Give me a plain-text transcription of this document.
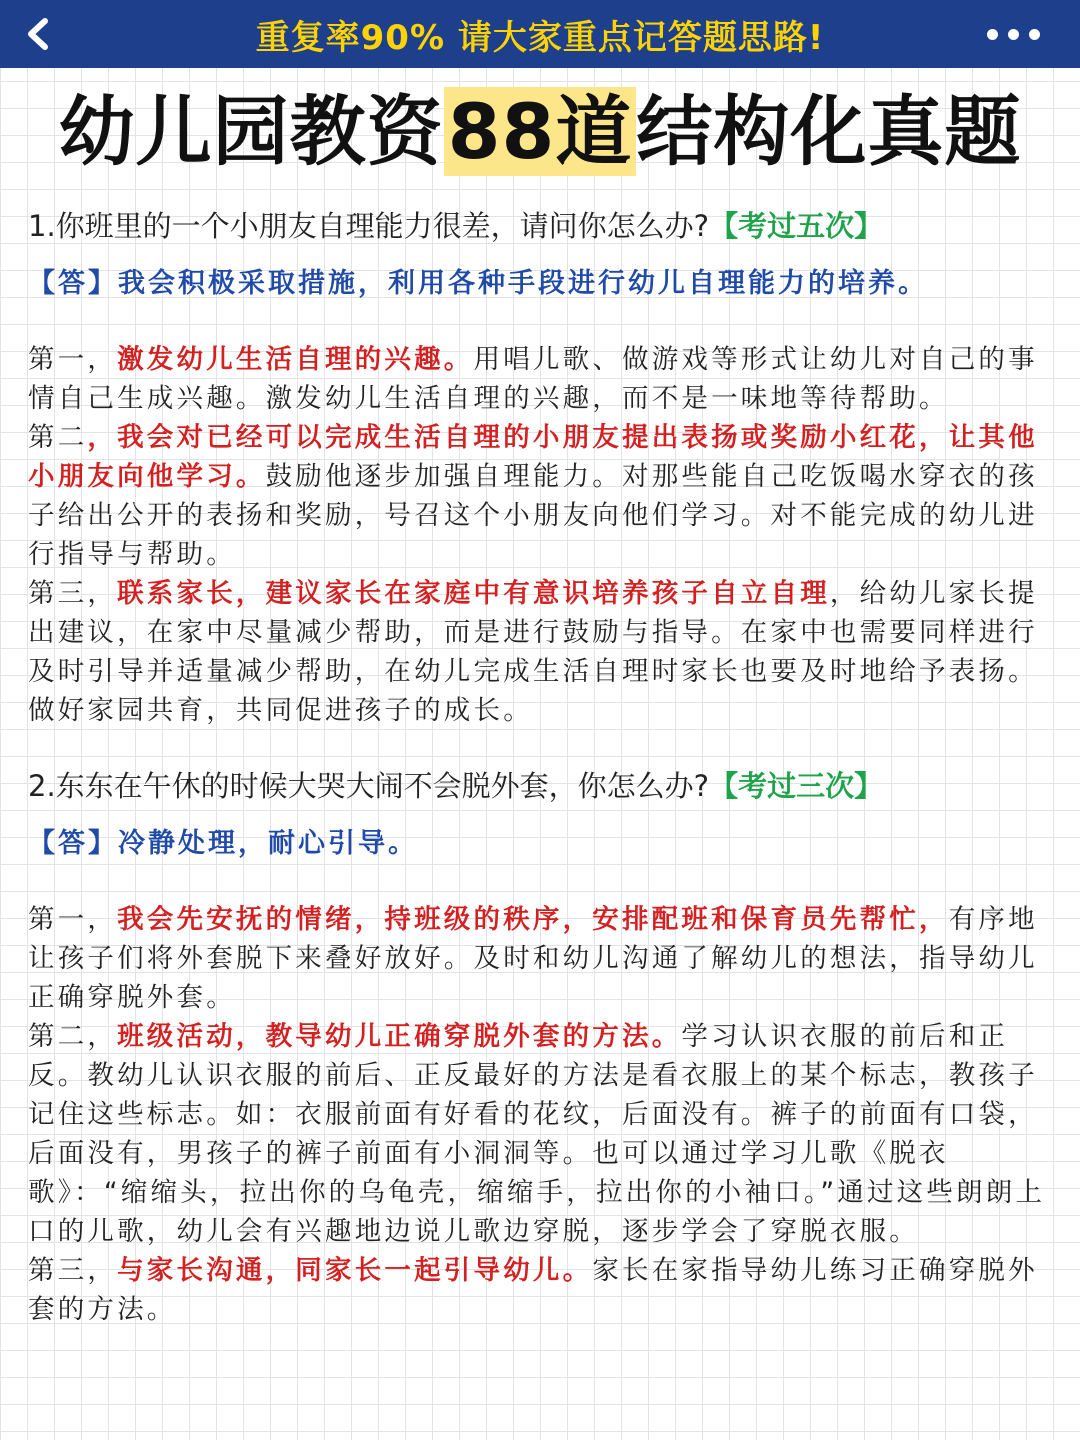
重复率90% 请大家重点记答题思路!
幼儿园教资88道结构化真题
1.你班里的一个小朋友自理能力很差，请问你怎么办?【考过五次】
【答】我会积极采取措施，利用各种手段进行幼儿自理能力的培养。

第一，激发幼儿生活自理的兴趣。用唱儿歌、做游戏等形式让幼儿对自己的事情自己生成兴趣。激发幼儿生活自理的兴趣，而不是一味地等待帮助。

第二，我会对已经可以完成生活自理的小朋友提出表扬或奖励小红花，让其他小朋友向他学习。鼓励他逐步加强自理能力。对那些能自己吃饭喝水穿衣的孩子给出公开的表扬和奖励，号召这个小朋友向他们学习。对不能完成的幼儿进行指导与帮助。

第三，联系家长，建议家长在家庭中有意识培养孩子自立自理，给幼儿家长提出建议，在家中尽量减少帮助，而是进行鼓励与指导。在家中也需要同样进行及时引导并适量减少帮助，在幼儿完成生活自理时家长也要及时地给予表扬。做好家园共育，共同促进孩子的成长。

2.东东在午休的时候大哭大闹不会脱外套，你怎么办?【考过三次】
【答】冷静处理，耐心引导。

第一，我会先安抚的情绪，持班级的秩序，安排配班和保育员先帮忙，有序地让孩子们将外套脱下来叠好放好。及时和幼儿沟通了解幼儿的想法，指导幼儿正确穿脱外套。

第二，班级活动，教导幼儿正确穿脱外套的方法。学习认识衣服的前后和正反。教幼儿认识衣服的前后、正反最好的方法是看衣服上的某个标志，教孩子记住这些标志。如：衣服前面有好看的花纹，后面没有。裤子的前面有口袋，后面没有，男孩子的裤子前面有小洞洞等。也可以通过学习儿歌《脱衣歌》：“缩缩头，拉出你的乌龟壳，缩缩手，拉出你的小袖口。”通过这些朗朗上口的儿歌，幼儿会有兴趣地边说儿歌边穿脱，逐步学会了穿脱衣服。

第三，与家长沟通，同家长一起引导幼儿。家长在家指导幼儿练习正确穿脱外套的方法。
